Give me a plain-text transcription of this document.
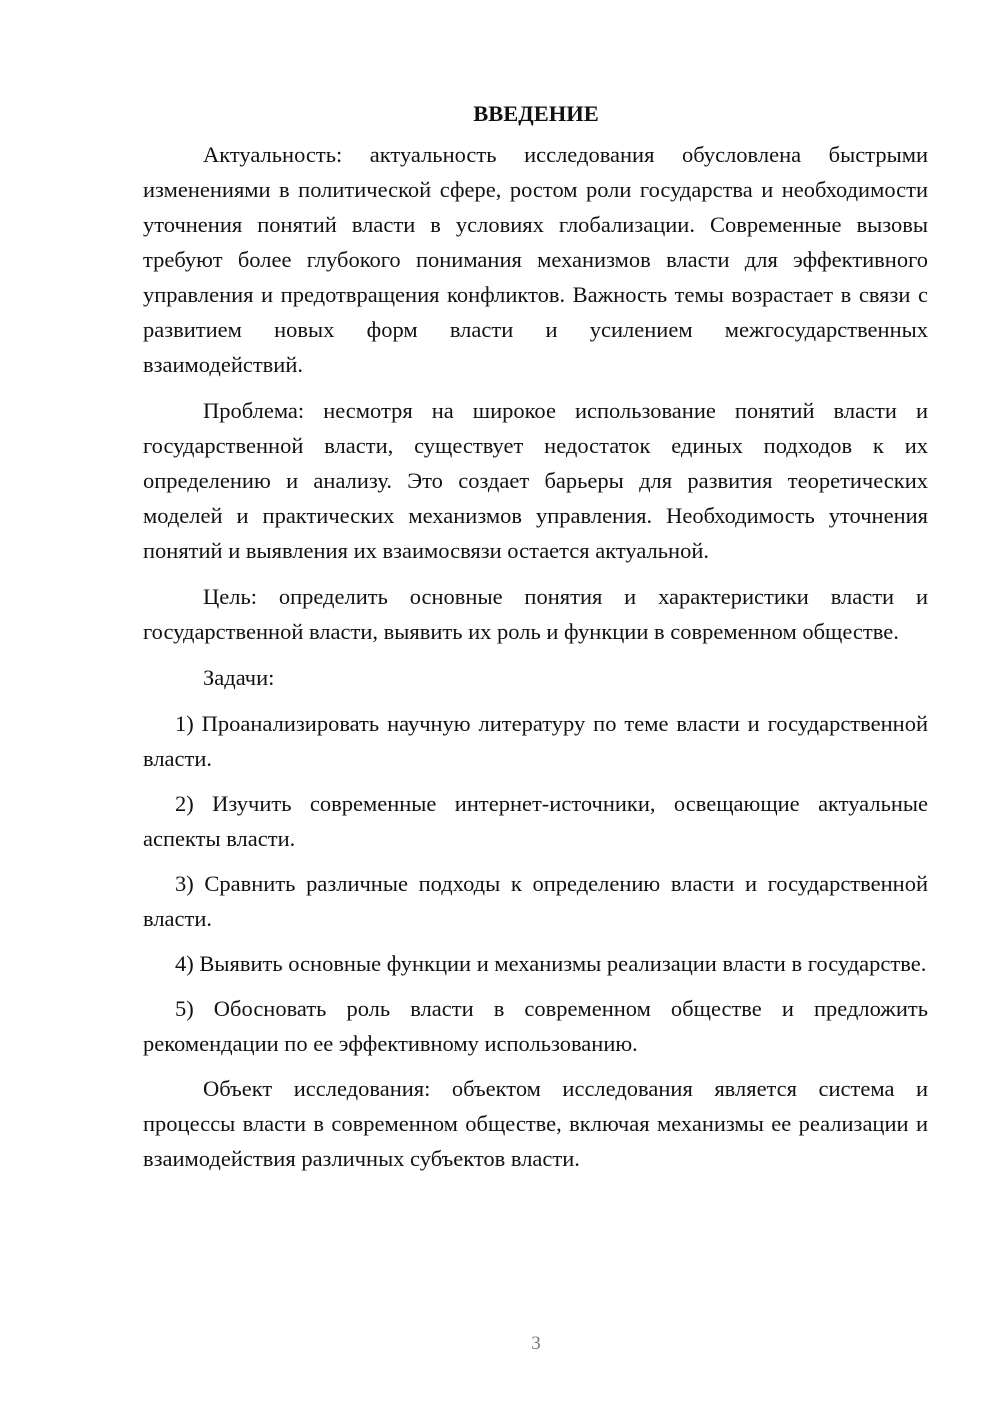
ВВЕДЕНИЕ

Актуальность: актуальность исследования обусловлена быстрыми изменениями в политической сфере, ростом роли государства и необходимости уточнения понятий власти в условиях глобализации. Современные вызовы требуют более глубокого понимания механизмов власти для эффективного управления и предотвращения конфликтов. Важность темы возрастает в связи с развитием новых форм власти и усилением межгосударственных взаимодействий.

Проблема: несмотря на широкое использование понятий власти и государственной власти, существует недостаток единых подходов к их определению и анализу. Это создает барьеры для развития теоретических моделей и практических механизмов управления. Необходимость уточнения понятий и выявления их взаимосвязи остается актуальной.

Цель: определить основные понятия и характеристики власти и государственной власти, выявить их роль и функции в современном обществе.

Задачи:

1) Проанализировать научную литературу по теме власти и государственной власти.

2) Изучить современные интернет-источники, освещающие актуальные аспекты власти.

3) Сравнить различные подходы к определению власти и государственной власти.

4) Выявить основные функции и механизмы реализации власти в государстве.

5) Обосновать роль власти в современном обществе и предложить рекомендации по ее эффективному использованию.

Объект исследования: объектом исследования является система и процессы власти в современном обществе, включая механизмы ее реализации и взаимодействия различных субъектов власти.

3
